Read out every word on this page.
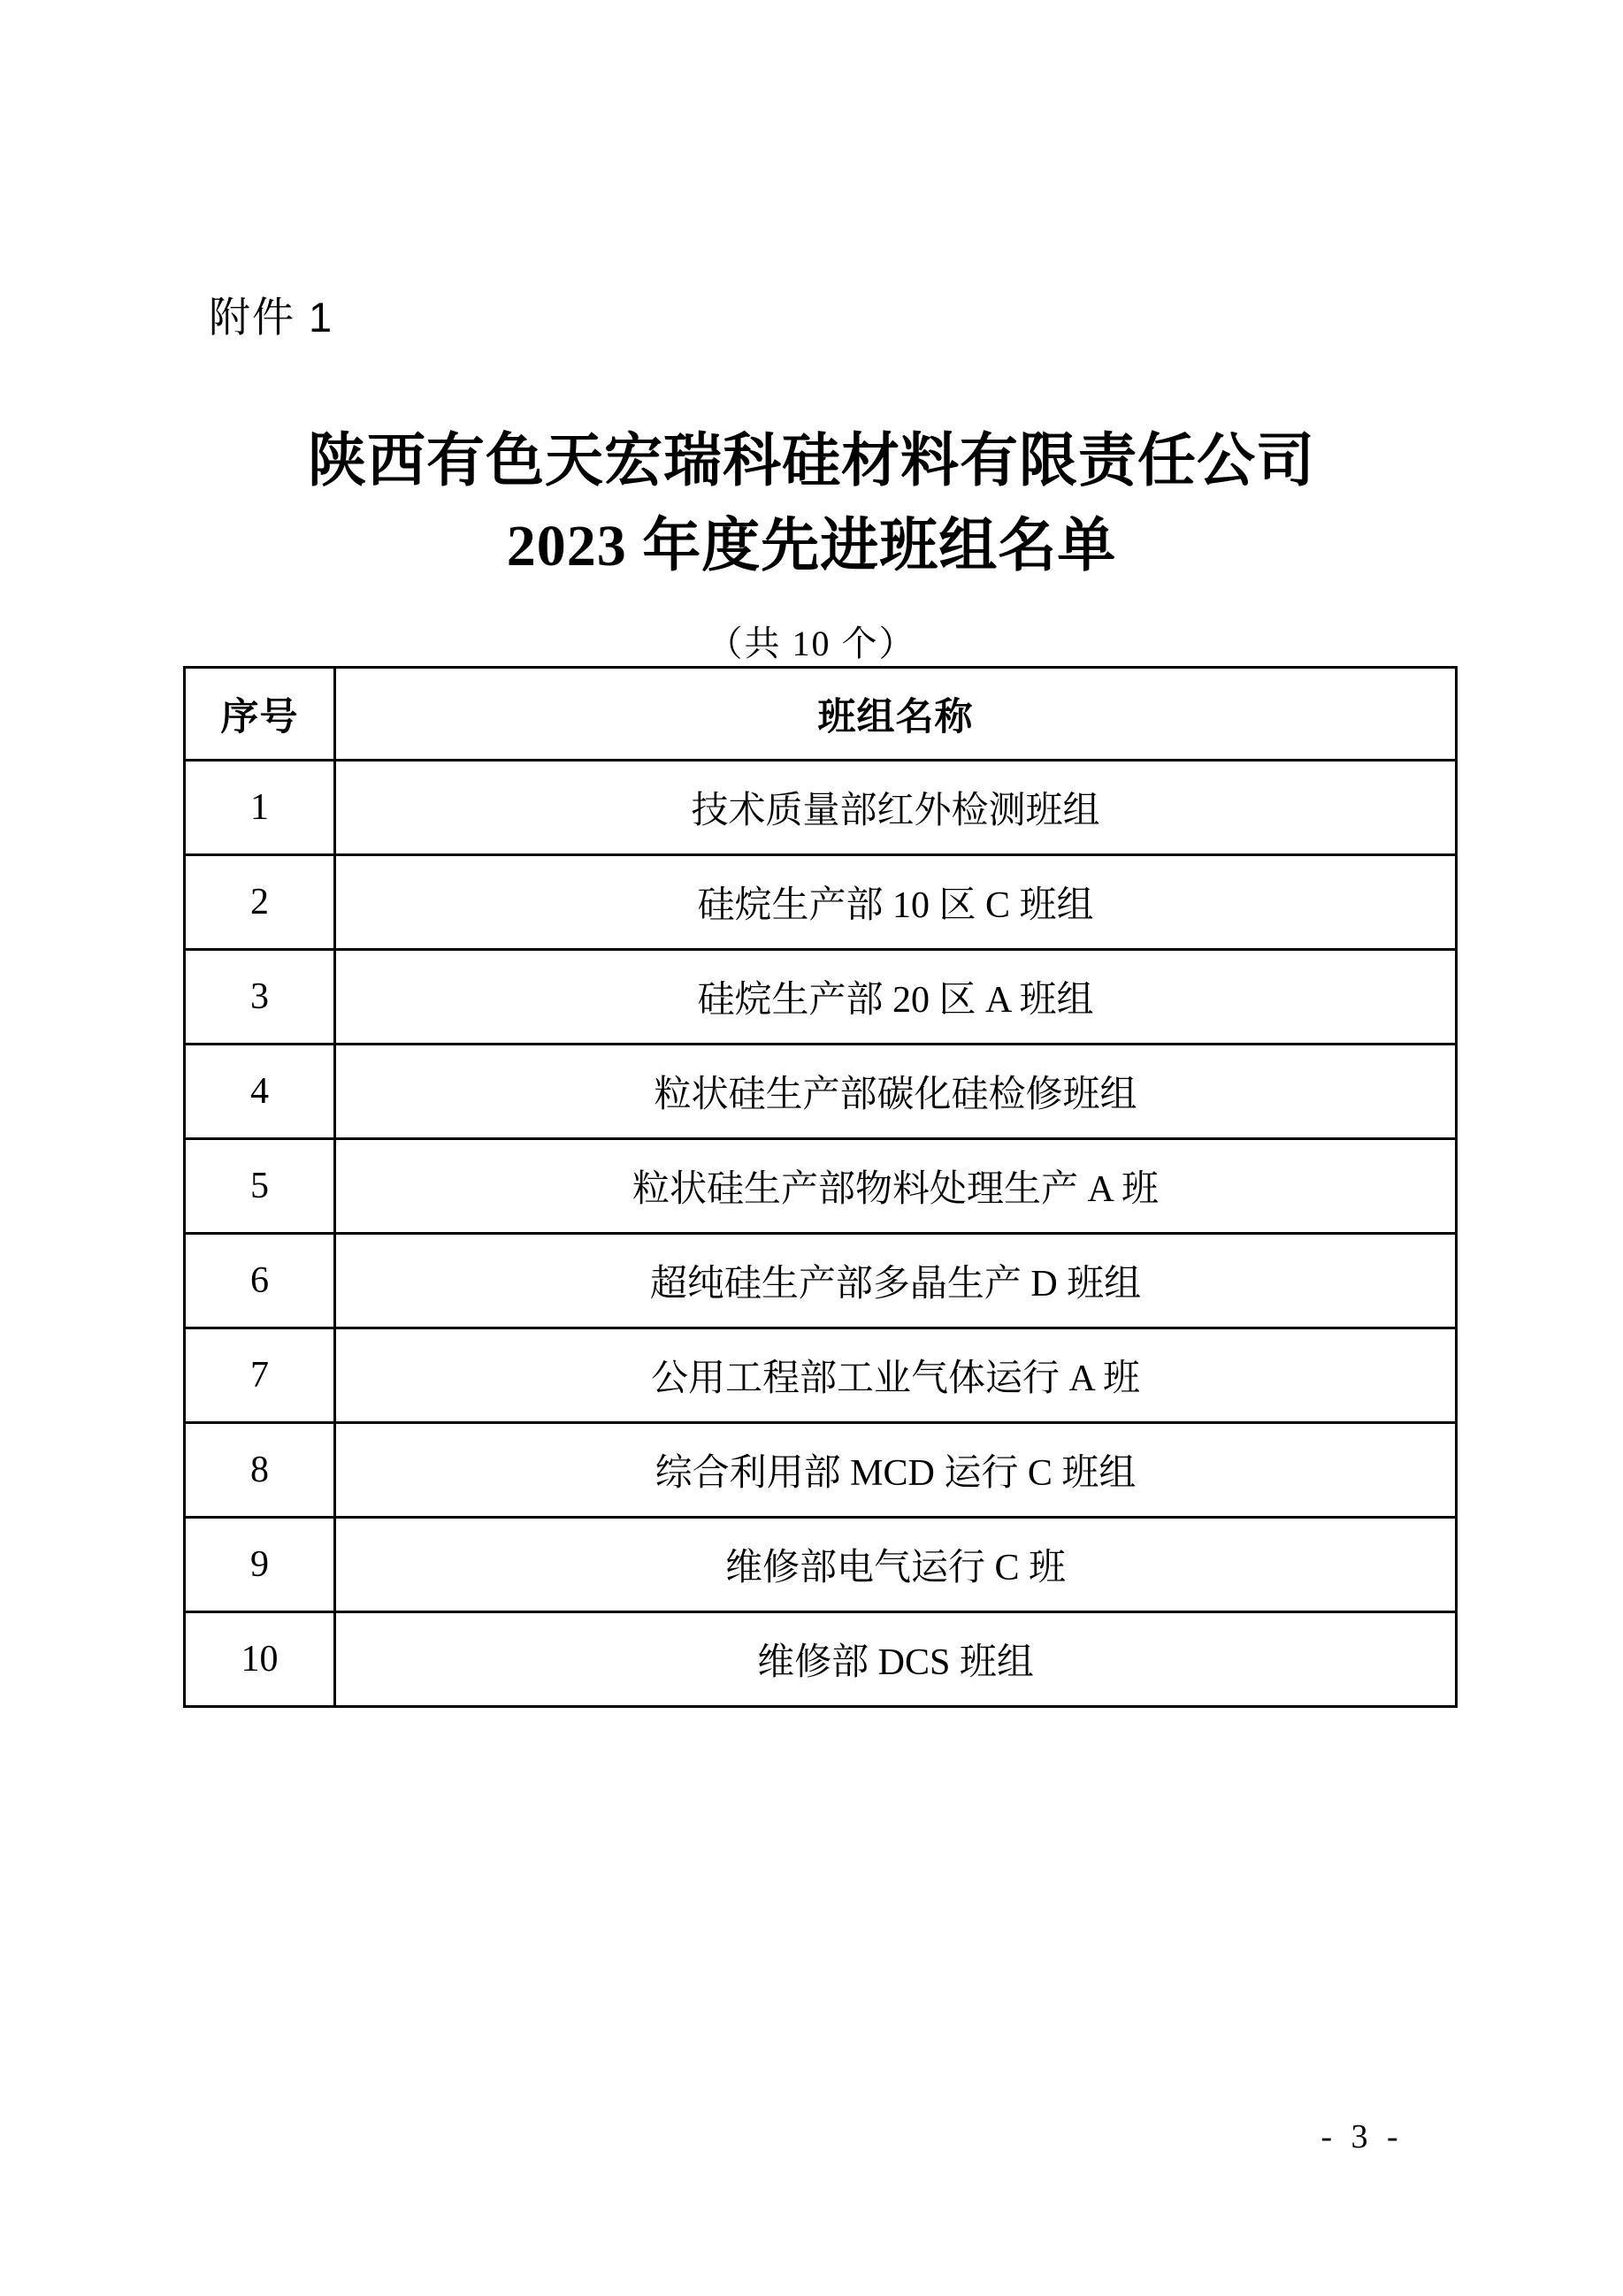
附件 1
陕西有色天宏瑞科硅材料有限责任公司
2023 年度先进班组名单
（共 10 个）
序号	班组名称
1	技术质量部红外检测班组
2	硅烷生产部 10 区 C 班组
3	硅烷生产部 20 区 A 班组
4	粒状硅生产部碳化硅检修班组
5	粒状硅生产部物料处理生产 A 班
6	超纯硅生产部多晶生产 D 班组
7	公用工程部工业气体运行 A 班
8	综合利用部 MCD 运行 C 班组
9	维修部电气运行 C 班
10	维修部 DCS 班组
- 3 -
